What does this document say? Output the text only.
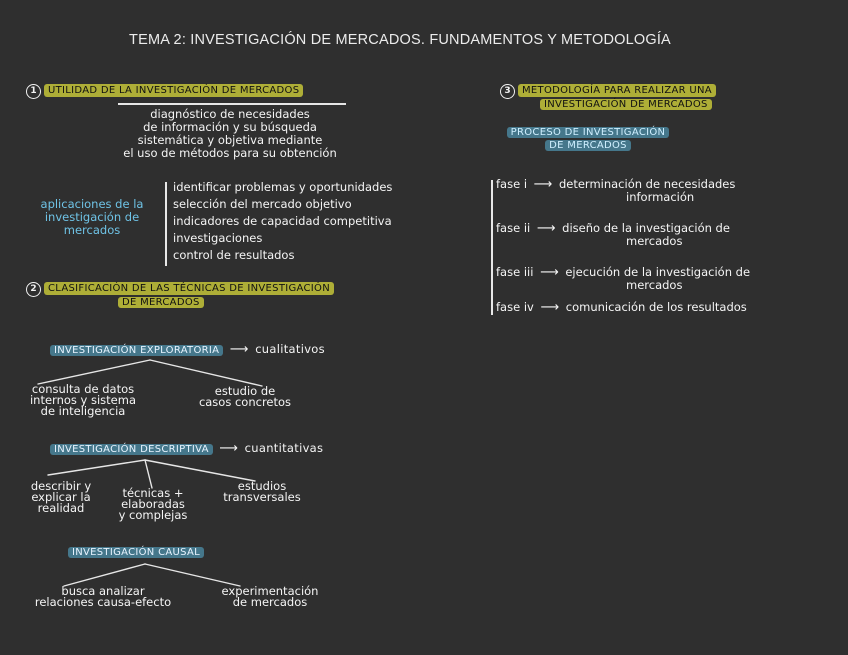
TEMA 2: INVESTIGACIÓN DE MERCADOS. FUNDAMENTOS Y METODOLOGÍA
1	UTILIDAD DE LA INVESTIGACIÓN DE MERCADOS
diagnóstico de necesidades
de información y su búsqueda
sistemática y objetiva mediante
el uso de métodos para su obtención
aplicaciones de la
investigación de
mercados
identificar problemas y oportunidades
selección del mercado objetivo
indicadores de capacidad competitiva
investigaciones
control de resultados
2	CLASIFICACIÓN DE LAS TÉCNICAS DE INVESTIGACIÓN
DE MERCADOS
INVESTIGACIÓN EXPLORATORIA ⟶ cualitativos
consulta de datos
internos y sistema
de inteligencia
estudio de
casos concretos
INVESTIGACIÓN DESCRIPTIVA ⟶ cuantitativas
describir y
explicar la
realidad
técnicas +
elaboradas
y complejas
estudios
transversales
INVESTIGACIÓN CAUSAL
busca analizar
relaciones causa-efecto
experimentación
de mercados
3	METODOLOGÍA PARA REALIZAR UNA
INVESTIGACIÓN DE MERCADOS
PROCESO DE INVESTIGACIÓN
DE MERCADOS
fase i ⟶ determinación de necesidades
información
fase ii ⟶ diseño de la investigación de
mercados
fase iii ⟶ ejecución de la investigación de
mercados
fase iv ⟶ comunicación de los resultados
